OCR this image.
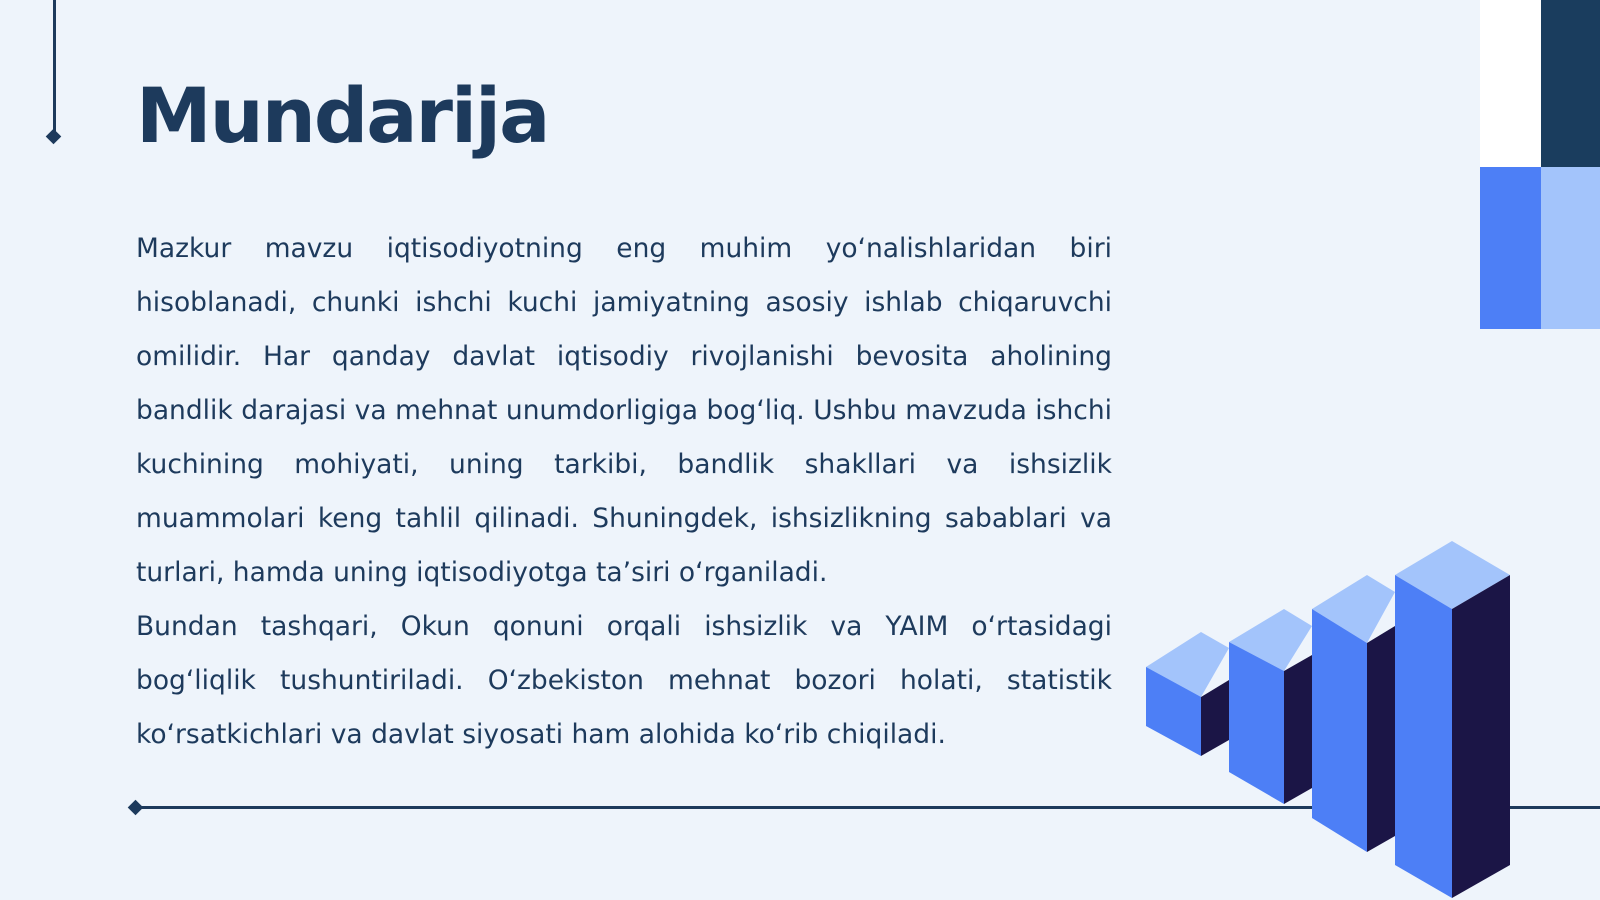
Mundarija

Mazkur mavzu iqtisodiyotning eng muhim yo‘nalishlaridan biri hisoblanadi, chunki ishchi kuchi jamiyatning asosiy ishlab chiqaruvchi omilidir. Har qanday davlat iqtisodiy rivojlanishi bevosita aholining bandlik darajasi va mehnat unumdorligiga bog‘liq. Ushbu mavzuda ishchi kuchining mohiyati, uning tarkibi, bandlik shakllari va ishsizlik muammolari keng tahlil qilinadi. Shuningdek, ishsizlikning sabablari va turlari, hamda uning iqtisodiyotga ta’siri o‘rganiladi.

Bundan tashqari, Okun qonuni orqali ishsizlik va YAIM o‘rtasidagi bog‘liqlik tushuntiriladi. O‘zbekiston mehnat bozori holati, statistik ko‘rsatkichlari va davlat siyosati ham alohida ko‘rib chiqiladi.
